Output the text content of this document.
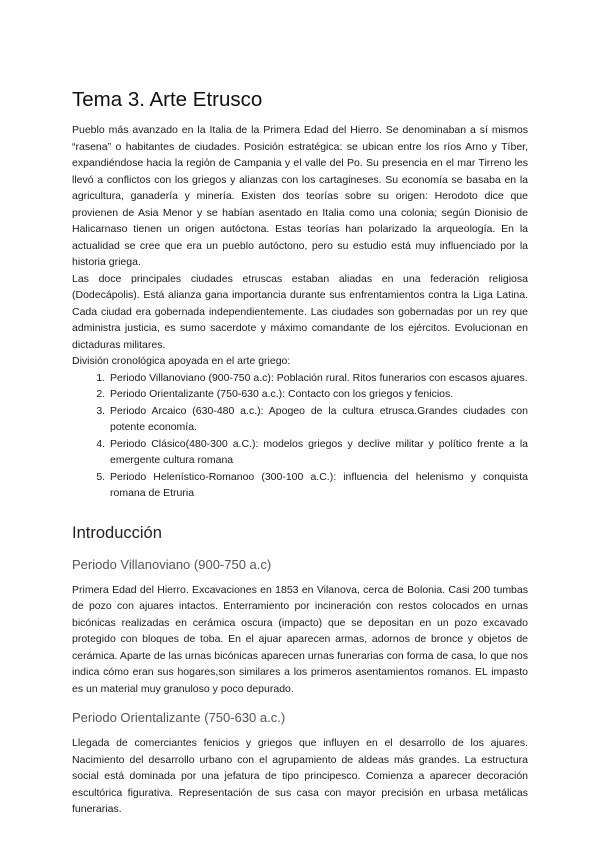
Tema 3. Arte Etrusco

Pueblo más avanzado en la Italia de la Primera Edad del Hierro. Se denominaban a sí mismos “rasena” o habitantes de ciudades. Posición estratégica: se ubican entre los ríos Arno y Tíber, expandiéndose hacia la región de Campania y el valle del Po. Su presencia en el mar Tirreno les llevó a conflictos con los griegos y alianzas con los cartagineses. Su economía se basaba en la agricultura, ganadería y minería. Existen dos teorías sobre su origen: Herodoto dice que provienen de Asia Menor y se habían asentado en Italia como una colonia; según Dionisio de Halicarnaso tienen un origen autóctona. Estas teorías han polarizado la arqueología. En la actualidad se cree que era un pueblo autóctono, pero su estudio está muy influenciado por la historia griega.

Las doce principales ciudades etruscas estaban aliadas en una federación religiosa (Dodecápolis). Está alianza gana importancia durante sus enfrentamientos contra la Liga Latina. Cada ciudad era gobernada independientemente. Las ciudades son gobernadas por un rey que administra justicia, es sumo sacerdote y máximo comandante de los ejércitos. Evolucionan en dictaduras militares.

División cronológica apoyada en el arte griego:

1. Periodo Villanoviano (900-750 a.c): Población rural. Ritos funerarios con escasos ajuares.
2. Periodo Orientalizante (750-630 a.c.): Contacto con los griegos y fenicios.
3. Periodo Arcaico (630-480 a.c.): Apogeo de la cultura etrusca.Grandes ciudades con potente economía.
4. Periodo Clásico(480-300 a.C.): modelos griegos y declive militar y político frente a la emergente cultura romana
5. Periodo Helenístico-Romanoo (300-100 a.C.): influencia del helenismo y conquista romana de Etruria
Introducción
Periodo Villanoviano (900-750 a.c)

Primera Edad del Hierro. Excavaciones en 1853 en Vilanova, cerca de Bolonia. Casi 200 tumbas de pozo con ajuares intactos. Enterramiento por incineración con restos colocados en urnas bicónicas realizadas en cerámica oscura (impacto) que se depositan en un pozo excavado protegido con bloques de toba. En el ajuar aparecen armas, adornos de bronce y objetos de cerámica. Aparte de las urnas bicónicas aparecen urnas funerarias con forma de casa, lo que nos indica cómo eran sus hogares,son similares a los primeros asentamientos romanos. EL impasto es un material muy granuloso y poco depurado.

Periodo Orientalizante (750-630 a.c.)

Llegada de comerciantes fenicios y griegos que influyen en el desarrollo de los ajuares. Nacimiento del desarrollo urbano con el agrupamiento de aldeas más grandes. La estructura social está dominada por una jefatura de tipo principesco. Comienza a aparecer decoración escultórica figurativa. Representación de sus casa con mayor precisión en urbasa metálicas funerarias.
